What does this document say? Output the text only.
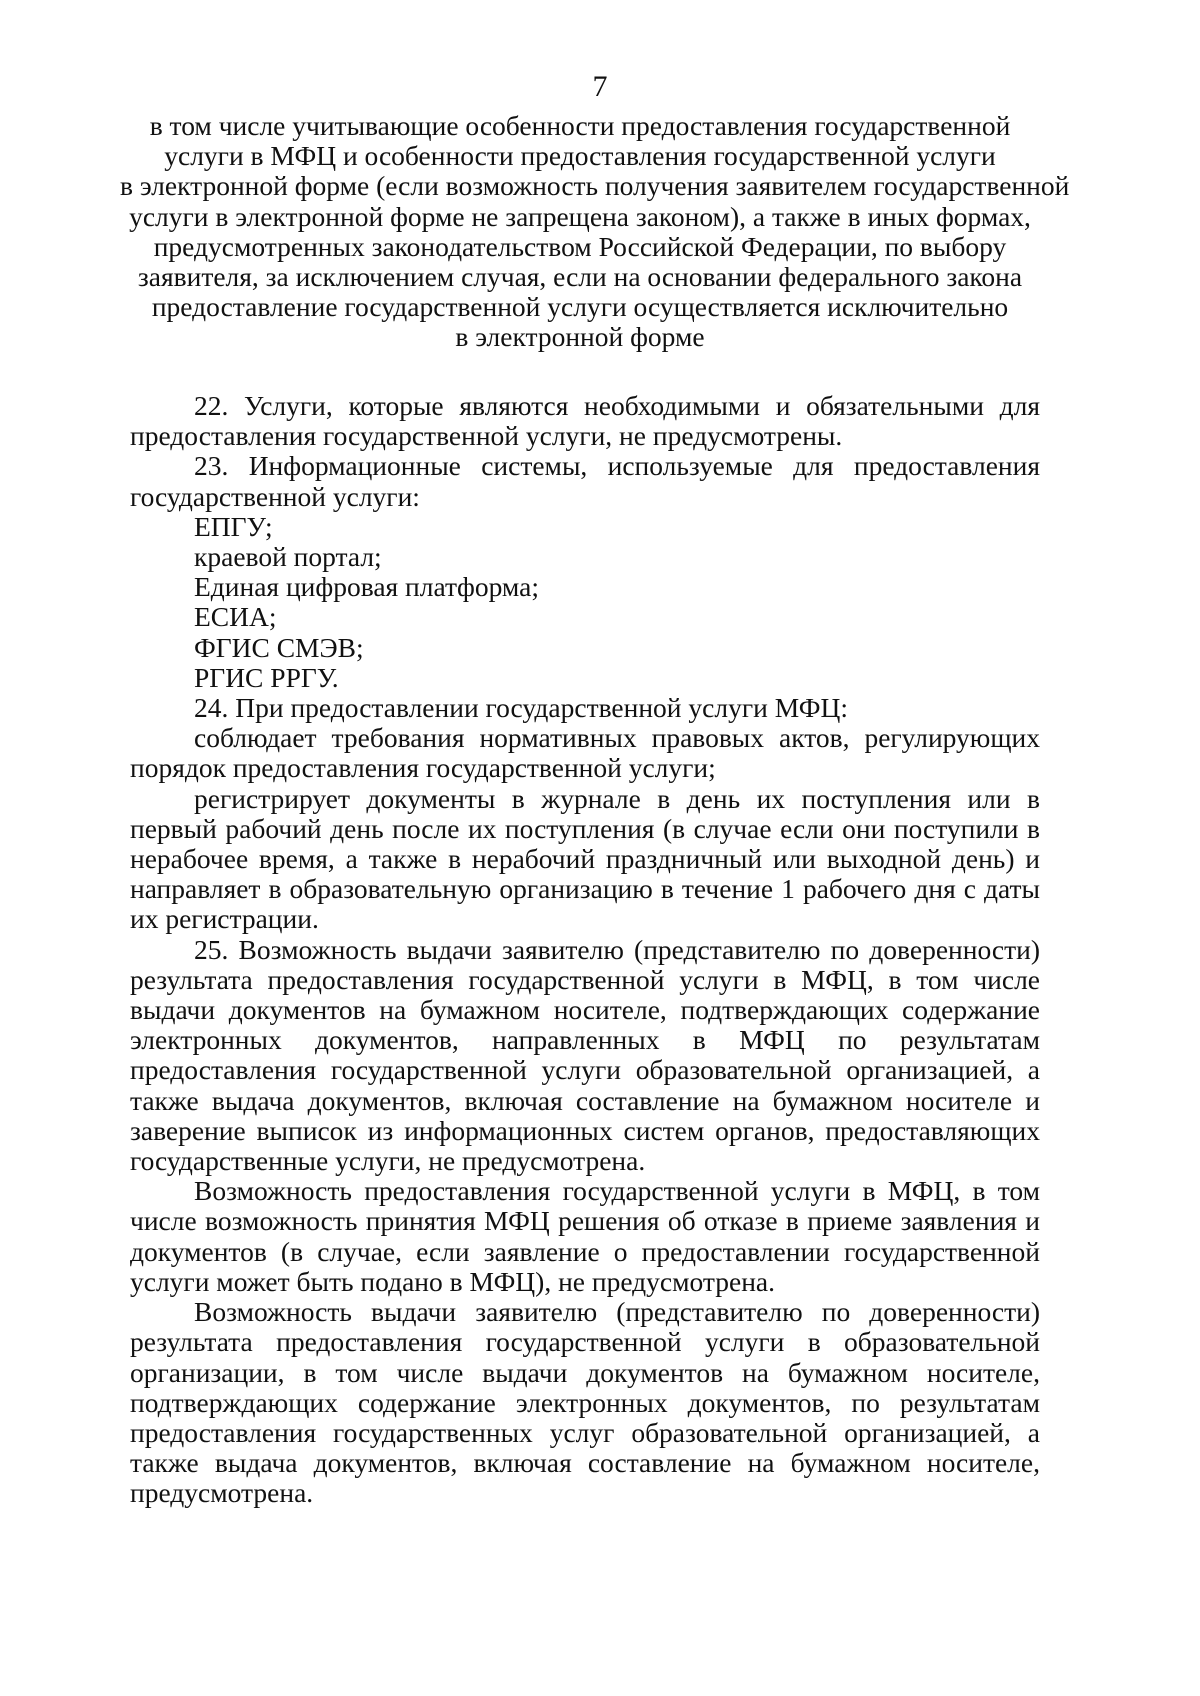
7
в том числе учитывающие особенности предоставления государственной
услуги в МФЦ и особенности предоставления государственной услуги
в электронной форме (если возможность получения заявителем государственной
услуги в электронной форме не запрещена законом), а также в иных формах,
предусмотренных законодательством Российской Федерации, по выбору
заявителя, за исключением случая, если на основании федерального закона
предоставление государственной услуги осуществляется исключительно
в электронной форме

22. Услуги, которые являются необходимыми и обязательными для предоставления государственной услуги, не предусмотрены.

23. Информационные системы, используемые для предоставления государственной услуги:

ЕПГУ;

краевой портал;

Единая цифровая платформа;

ЕСИА;

ФГИС СМЭВ;

РГИС РРГУ.

24. При предоставлении государственной услуги МФЦ:

соблюдает требования нормативных правовых актов, регулирующих порядок предоставления государственной услуги;

регистрирует документы в журнале в день их поступления или в первый рабочий день после их поступления (в случае если они поступили в нерабочее время, а также в нерабочий праздничный или выходной день) и направляет в образовательную организацию в течение 1 рабочего дня с даты их регистрации.

25. Возможность выдачи заявителю (представителю по доверенности) результата предоставления государственной услуги в МФЦ, в том числе выдачи документов на бумажном носителе, подтверждающих содержание электронных документов, направленных в МФЦ по результатам предоставления государственной услуги образовательной организацией, а также выдача документов, включая составление на бумажном носителе и заверение выписок из информационных систем органов, предоставляющих государственные услуги, не предусмотрена.

Возможность предоставления государственной услуги в МФЦ, в том числе возможность принятия МФЦ решения об отказе в приеме заявления и документов (в случае, если заявление о предоставлении государственной услуги может быть подано в МФЦ), не предусмотрена.

Возможность выдачи заявителю (представителю по доверенности) результата предоставления государственной услуги в образовательной организации, в том числе выдачи документов на бумажном носителе, подтверждающих содержание электронных документов, по результатам предоставления государственных услуг образовательной организацией, а также выдача документов, включая составление на бумажном носителе, предусмотрена.
